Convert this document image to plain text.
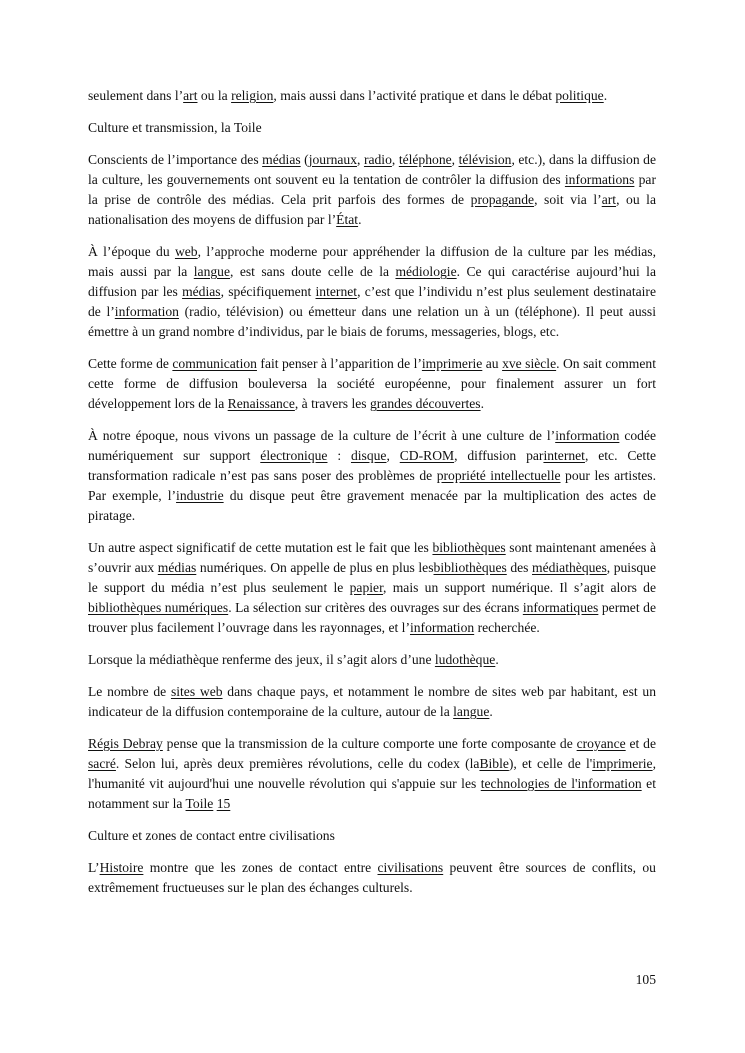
seulement dans l’art ou la religion, mais aussi dans l’activité pratique et dans le débat politique.

Culture et transmission, la Toile

Conscients de l’importance des médias (journaux, radio, téléphone, télévision, etc.), dans la diffusion de la culture, les gouvernements ont souvent eu la tentation de contrôler la diffusion des informations par la prise de contrôle des médias. Cela prit parfois des formes de propagande, soit via l’art, ou la nationalisation des moyens de diffusion par l’État.

À l’époque du web, l’approche moderne pour appréhender la diffusion de la culture par les médias, mais aussi par la langue, est sans doute celle de la médiologie. Ce qui caractérise aujourd’hui la diffusion par les médias, spécifiquement internet, c’est que l’individu n’est plus seulement destinataire de l’information (radio, télévision) ou émetteur dans une relation un à un (téléphone). Il peut aussi émettre à un grand nombre d’individus, par le biais de forums, messageries, blogs, etc.

Cette forme de communication fait penser à l’apparition de l’imprimerie au xve siècle. On sait comment cette forme de diffusion bouleversa la société européenne, pour finalement assurer un fort développement lors de la Renaissance, à travers les grandes découvertes.

À notre époque, nous vivons un passage de la culture de l’écrit à une culture de l’information codée numériquement sur support électronique : disque, CD-ROM, diffusion parinternet, etc. Cette transformation radicale n’est pas sans poser des problèmes de propriété intellectuelle pour les artistes. Par exemple, l’industrie du disque peut être gravement menacée par la multiplication des actes de piratage.

Un autre aspect significatif de cette mutation est le fait que les bibliothèques sont maintenant amenées à s’ouvrir aux médias numériques. On appelle de plus en plus lesbibliothèques des médiathèques, puisque le support du média n’est plus seulement le papier, mais un support numérique. Il s’agit alors de bibliothèques numériques. La sélection sur critères des ouvrages sur des écrans informatiques permet de trouver plus facilement l’ouvrage dans les rayonnages, et l’information recherchée.

Lorsque la médiathèque renferme des jeux, il s’agit alors d’une ludothèque.

Le nombre de sites web dans chaque pays, et notamment le nombre de sites web par habitant, est un indicateur de la diffusion contemporaine de la culture, autour de la langue.

Régis Debray pense que la transmission de la culture comporte une forte composante de croyance et de sacré. Selon lui, après deux premières révolutions, celle du codex (laBible), et celle de l'imprimerie, l'humanité vit aujourd'hui une nouvelle révolution qui s'appuie sur les technologies de l'information et notamment sur la Toile 15

Culture et zones de contact entre civilisations

L’Histoire montre que les zones de contact entre civilisations peuvent être sources de conflits, ou extrêmement fructueuses sur le plan des échanges culturels.

105
